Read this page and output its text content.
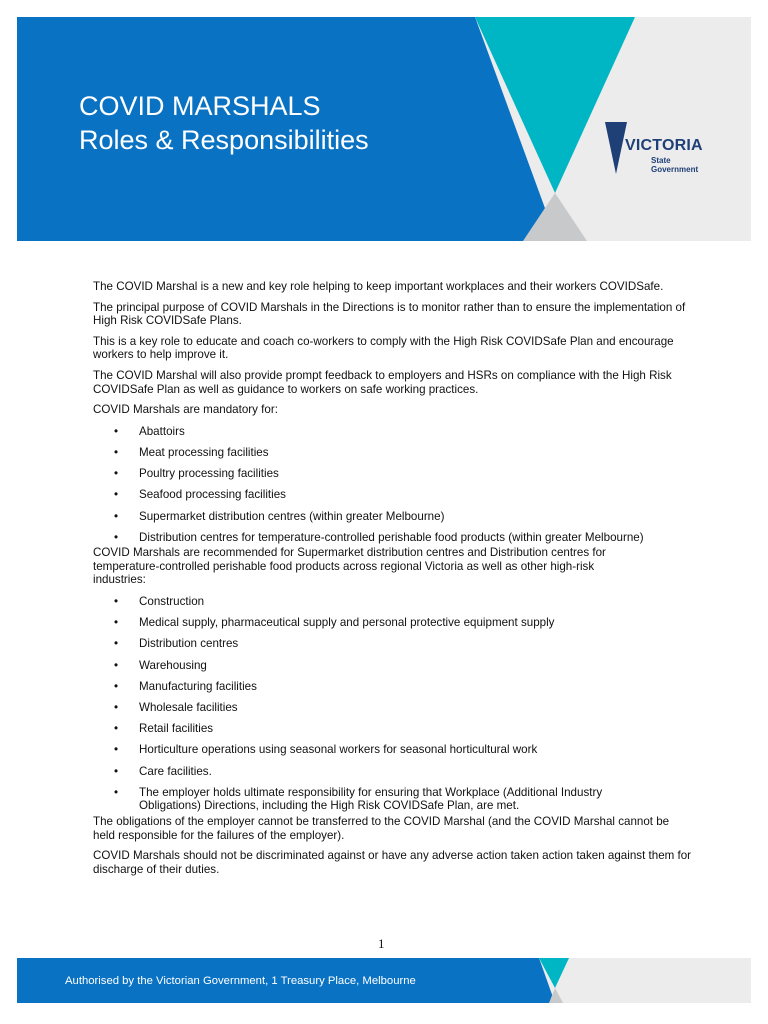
COVID MARSHALS
Roles & Responsibilities	VICTORIA
State
Government

The COVID Marshal is a new and key role helping to keep important workplaces and their workers COVIDSafe.

The principal purpose of COVID Marshals in the Directions is to monitor rather than to ensure the implementation of High Risk COVIDSafe Plans.

This is a key role to educate and coach co-workers to comply with the High Risk COVIDSafe Plan and encourage workers to help improve it.

The COVID Marshal will also provide prompt feedback to employers and HSRs on compliance with the High Risk COVIDSafe Plan as well as guidance to workers on safe working practices.

COVID Marshals are mandatory for:

• Abattoirs
• Meat processing facilities
• Poultry processing facilities
• Seafood processing facilities
• Supermarket distribution centres (within greater Melbourne)
• Distribution centres for temperature-controlled perishable food products (within greater Melbourne)

COVID Marshals are recommended for Supermarket distribution centres and Distribution centres for temperature-controlled perishable food products across regional Victoria as well as other high-risk industries:

• Construction
• Medical supply, pharmaceutical supply and personal protective equipment supply
• Distribution centres
• Warehousing
• Manufacturing facilities
• Wholesale facilities
• Retail facilities
• Horticulture operations using seasonal workers for seasonal horticultural work
• Care facilities.
• The employer holds ultimate responsibility for ensuring that Workplace (Additional Industry Obligations) Directions, including the High Risk COVIDSafe Plan, are met.

The obligations of the employer cannot be transferred to the COVID Marshal (and the COVID Marshal cannot be held responsible for the failures of the employer).

COVID Marshals should not be discriminated against or have any adverse action taken action taken against them for discharge of their duties.

1
Authorised by the Victorian Government, 1 Treasury Place, Melbourne
